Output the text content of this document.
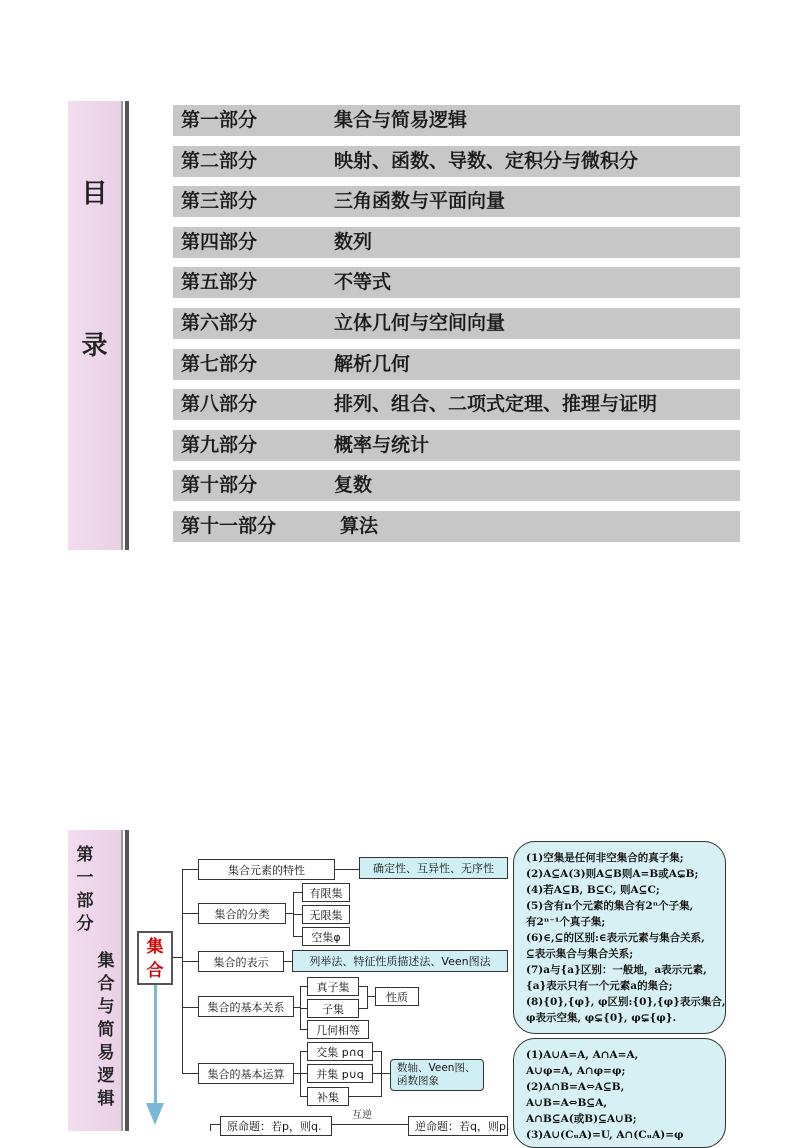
目
录
第一部分	集合与简易逻辑
第二部分	映射、函数、导数、定积分与微积分
第三部分	三角函数与平面向量
第四部分	数列
第五部分	不等式
第六部分	立体几何与空间向量
第七部分	解析几何
第八部分	排列、组合、二项式定理、推理与证明
第九部分	概率与统计
第十部分	复数
第十一部分	算法
第一部分
集合与简易逻辑
集合
集合元素的特性	确定性、互异性、无序性
集合的分类
有限集
无限集
空集φ
集合的表示	列举法、特征性质描述法、Veen图法
集合的基本关系
真子集
子集
几何相等
性质
集合的基本运算
交集 p∩q
并集 p∪q
补集
数轴、Veen图、函数图象
原命题：若p，则q.
互逆
逆命题：若q，则p.
(1)空集是任何非空集合的真子集;
(2)A⊆A(3)则A⊆B则A=B或A⊊B;
(4)若A⊆B, B⊆C, 则A⊆C;
(5)含有n个元素的集合有2ⁿ个子集,
有2ⁿ⁻¹个真子集;
(6)∈,⊆的区别:∈表示元素与集合关系,
⊆表示集合与集合关系;
(7)a与{a}区别：一般地，a表示元素,
{a}表示只有一个元素a的集合;
(8){0},{φ}, φ区别:{0},{φ}表示集合,
φ表示空集, φ⊊{0}, φ⊊{φ}.
(1)A∪A=A, A∩A=A,
A∪φ=A, A∩φ=φ;
(2)A∩B=A⇔A⊆B,
A∪B=A⇔B⊆A,
A∩B⊆A(或B)⊆A∪B;
(3)A∪(CᵤA)=U, A∩(CᵤA)=φ
